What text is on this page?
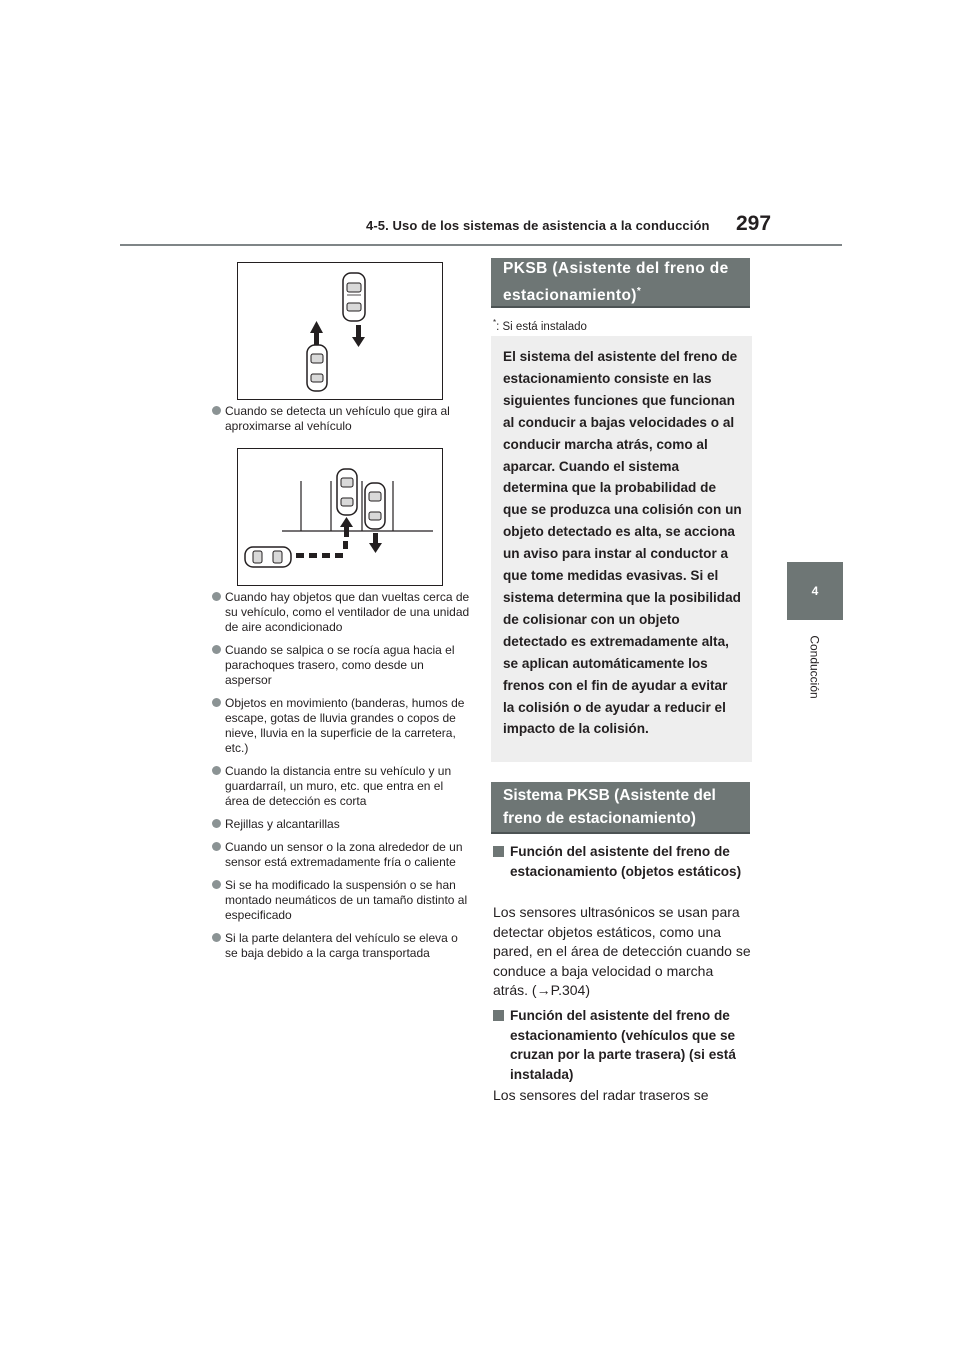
4-5. Uso de los sistemas de asistencia a la conducción 297
4
Conducción
Cuando se detecta un vehículo que gira al aproximarse al vehículo
Cuando hay objetos que dan vueltas cerca de su vehículo, como el ventilador de una unidad de aire acondicionado
Cuando se salpica o se rocía agua hacia el parachoques trasero, como desde un aspersor
Objetos en movimiento (banderas, humos de escape, gotas de lluvia grandes o copos de nieve, lluvia en la superficie de la carretera, etc.)
Cuando la distancia entre su vehículo y un guardarraíl, un muro, etc. que entra en el área de detección es corta
Rejillas y alcantarillas
Cuando un sensor o la zona alrededor de un sensor está extremadamente fría o caliente
Si se ha modificado la suspensión o se han montado neumáticos de un tamaño distinto al especificado
Si la parte delantera del vehículo se eleva o se baja debido a la carga transportada
PKSB (Asistente del freno de estacionamiento)*
*: Si está instalado
El sistema del asistente del freno de estacionamiento consiste en las siguientes funciones que funcionan al conducir a bajas velocidades o al conducir marcha atrás, como al aparcar. Cuando el sistema determina que la probabilidad de que se produzca una colisión con un objeto detectado es alta, se acciona un aviso para instar al conductor a que tome medidas evasivas. Si el sistema determina que la posibilidad de colisionar con un objeto detectado es extremadamente alta, se aplican automáticamente los frenos con el fin de ayudar a evitar la colisión o de ayudar a reducir el impacto de la colisión.
Sistema PKSB (Asistente del freno de estacionamiento)
Función del asistente del freno de estacionamiento (objetos estáticos)
Los sensores ultrasónicos se usan para detectar objetos estáticos, como una pared, en el área de detección cuando se conduce a baja velocidad o marcha atrás. (→P.304)
Función del asistente del freno de estacionamiento (vehículos que se cruzan por la parte trasera) (si está instalada)
Los sensores del radar traseros se
